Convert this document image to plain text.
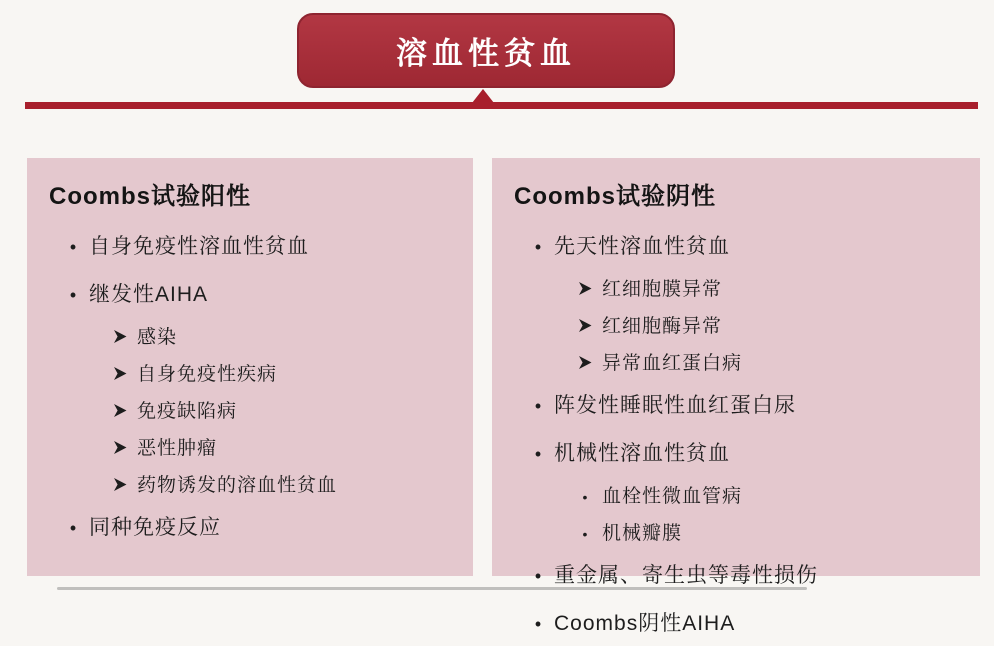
溶血性贫血
Coombs试验阳性
• 自身免疫性溶血性贫血
• 继发性AIHA
感染
自身免疫性疾病
免疫缺陷病
恶性肿瘤
药物诱发的溶血性贫血
• 同种免疫反应
Coombs试验阴性
• 先天性溶血性贫血
红细胞膜异常
红细胞酶异常
异常血红蛋白病
• 阵发性睡眠性血红蛋白尿
• 机械性溶血性贫血
• 血栓性微血管病
• 机械瓣膜
• 重金属、寄生虫等毒性损伤
• Coombs阴性AIHA
